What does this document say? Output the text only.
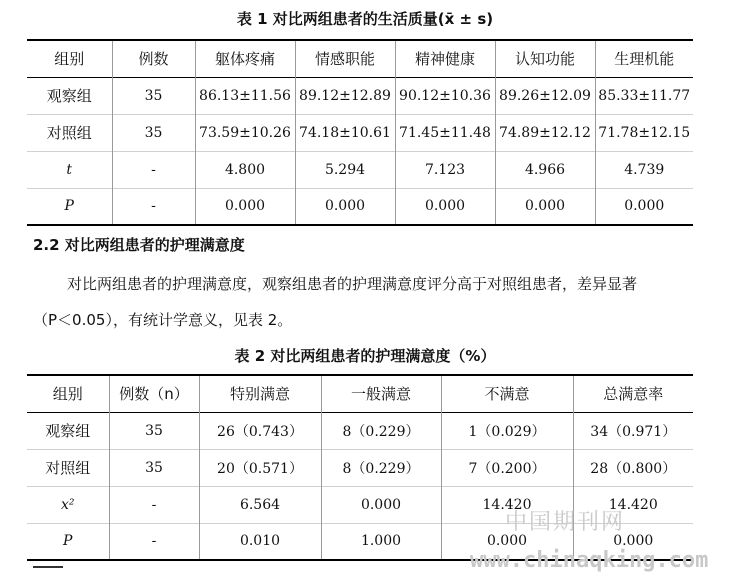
表 1 对比两组患者的生活质量(x̄ ± s)
组别	例数	躯体疼痛	情感职能	精神健康	认知功能	生理机能
观察组	35	86.13±11.56	89.12±12.89	90.12±10.36	89.26±12.09	85.33±11.77
对照组	35	73.59±10.26	74.18±10.61	71.45±11.48	74.89±12.12	71.78±12.15
t	-	4.800	5.294	7.123	4.966	4.739
P	-	0.000	0.000	0.000	0.000	0.000
2.2 对比两组患者的护理满意度
对比两组患者的护理满意度，观察组患者的护理满意度评分高于对照组患者，差异显著
（P＜0.05），有统计学意义，见表 2。
表 2 对比两组患者的护理满意度（%）
组别	例数（n）	特别满意	一般满意	不满意	总满意率
观察组	35	26（0.743）	8（0.229）	1（0.029）	34（0.971）
对照组	35	20（0.571）	8（0.229）	7（0.200）	28（0.800）
x²	-	6.564	0.000	14.420	14.420
P	-	0.010	1.000	0.000	0.000
中国期刊网
www.chinaqking.com
